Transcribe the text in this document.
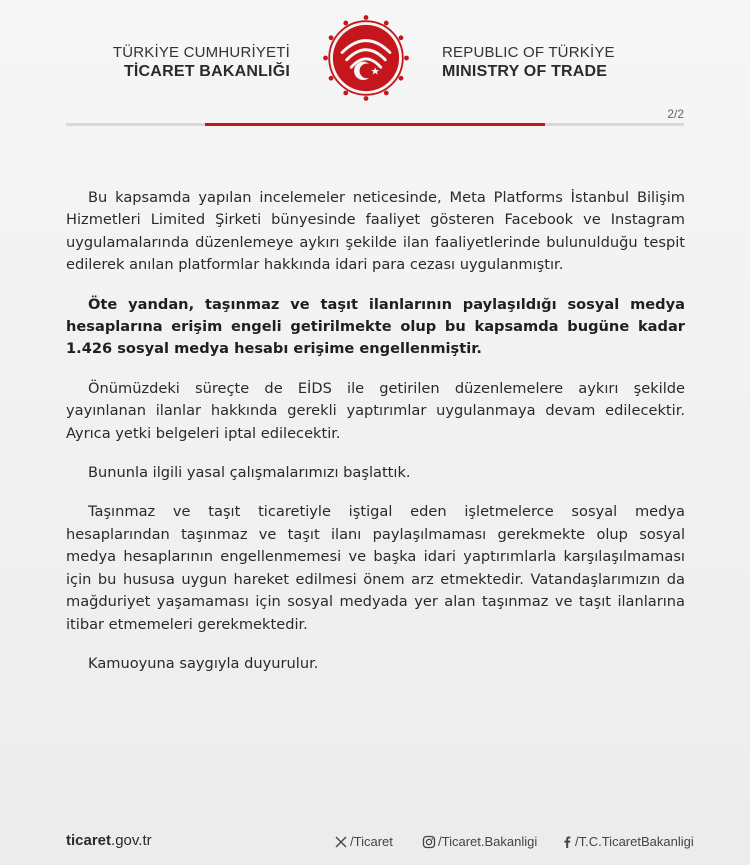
TÜRKİYE CUMHURİYETİ
TİCARET BAKANLIĞI
REPUBLIC OF TÜRKİYE
MINISTRY OF TRADE
2/2

Bu kapsamda yapılan incelemeler neticesinde, Meta Platforms İstanbul Bilişim Hizmetleri Limited Şirketi bünyesinde faaliyet gösteren Facebook ve Instagram uygulamalarında düzenlemeye aykırı şekilde ilan faaliyetlerinde bulunulduğu tespit edilerek anılan platformlar hakkında idari para cezası uygulanmıştır.

Öte yandan, taşınmaz ve taşıt ilanlarının paylaşıldığı sosyal medya hesaplarına erişim engeli getirilmekte olup bu kapsamda bugüne kadar 1.426 sosyal medya hesabı erişime engellenmiştir.

Önümüzdeki süreçte de EİDS ile getirilen düzenlemelere aykırı şekilde yayınlanan ilanlar hakkında gerekli yaptırımlar uygulanmaya devam edilecektir. Ayrıca yetki belgeleri iptal edilecektir.

Bununla ilgili yasal çalışmalarımızı başlattık.

Taşınmaz ve taşıt ticaretiyle iştigal eden işletmelerce sosyal medya hesaplarından taşınmaz ve taşıt ilanı paylaşılmaması gerekmekte olup sosyal medya hesaplarının engellenmemesi ve başka idari yaptırımlarla karşılaşılmaması için bu hususa uygun hareket edilmesi önem arz etmektedir. Vatandaşlarımızın da mağduriyet yaşamaması için sosyal medyada yer alan taşınmaz ve taşıt ilanlarına itibar etmemeleri gerekmektedir.

Kamuoyuna saygıyla duyurulur.

ticaret.gov.tr	/Ticaret	/Ticaret.Bakanligi	/T.C.TicaretBakanligi
